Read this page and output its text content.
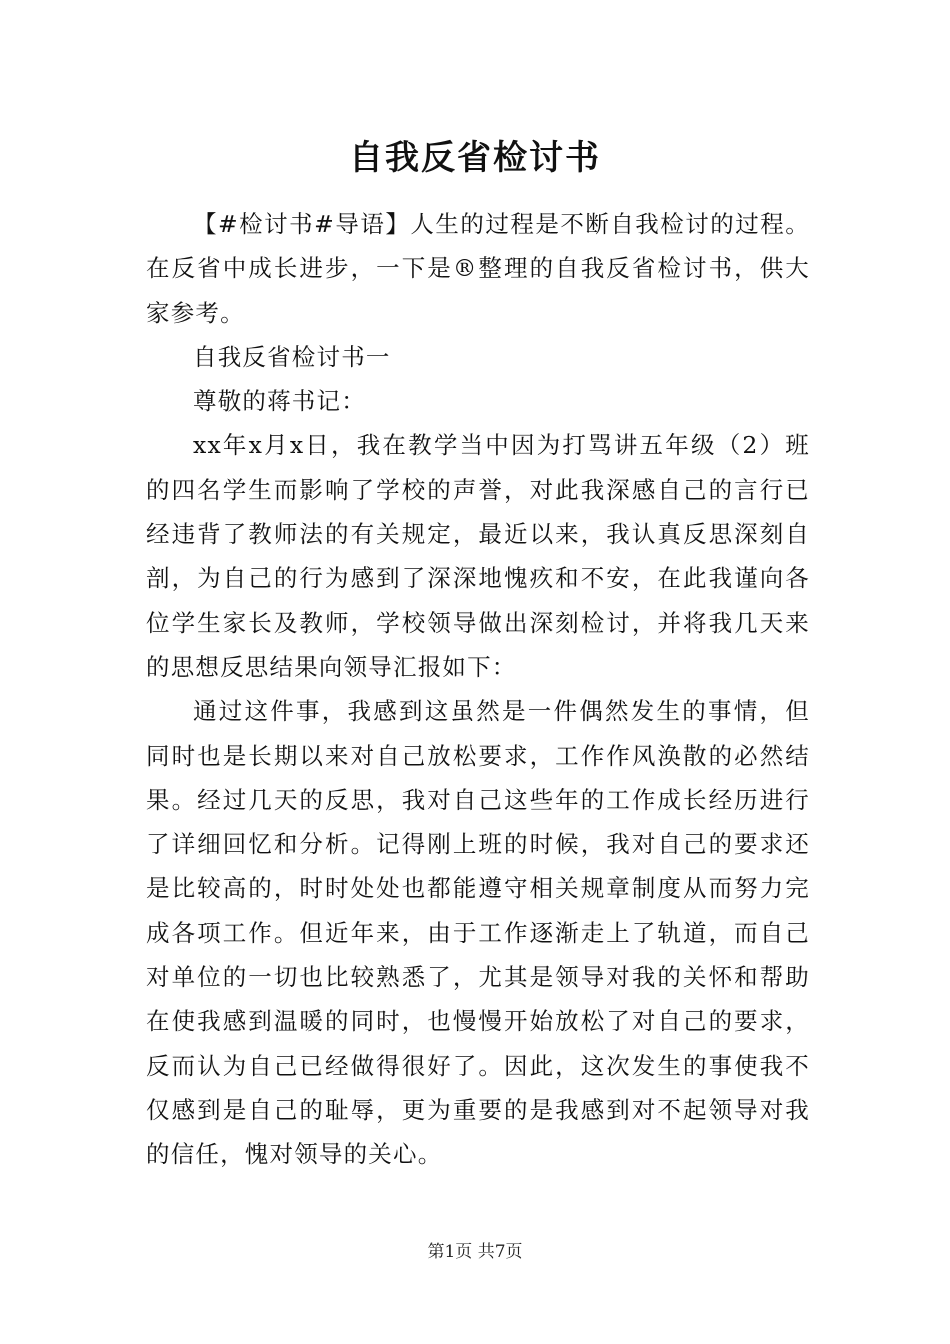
自我反省检讨书

【#检讨书#导语】人生的过程是不断自我检讨的过程。在反省中成长进步，一下是®整理的自我反省检讨书，供大家参考。

自我反省检讨书一

尊敬的蒋书记：

xx年x月x日，我在教学当中因为打骂讲五年级（2）班的四名学生而影响了学校的声誉，对此我深感自己的言行已经违背了教师法的有关规定，最近以来，我认真反思深刻自剖，为自己的行为感到了深深地愧疚和不安，在此我谨向各位学生家长及教师，学校领导做出深刻检讨，并将我几天来的思想反思结果向领导汇报如下：

通过这件事，我感到这虽然是一件偶然发生的事情，但同时也是长期以来对自己放松要求，工作作风涣散的必然结果。经过几天的反思，我对自己这些年的工作成长经历进行了详细回忆和分析。记得刚上班的时候，我对自己的要求还是比较高的，时时处处也都能遵守相关规章制度从而努力完成各项工作。但近年来，由于工作逐渐走上了轨道，而自己对单位的一切也比较熟悉了，尤其是领导对我的关怀和帮助在使我感到温暖的同时，也慢慢开始放松了对自己的要求，反而认为自己已经做得很好了。因此，这次发生的事使我不仅感到是自己的耻辱，更为重要的是我感到对不起领导对我的信任，愧对领导的关心。

第1页 共7页
